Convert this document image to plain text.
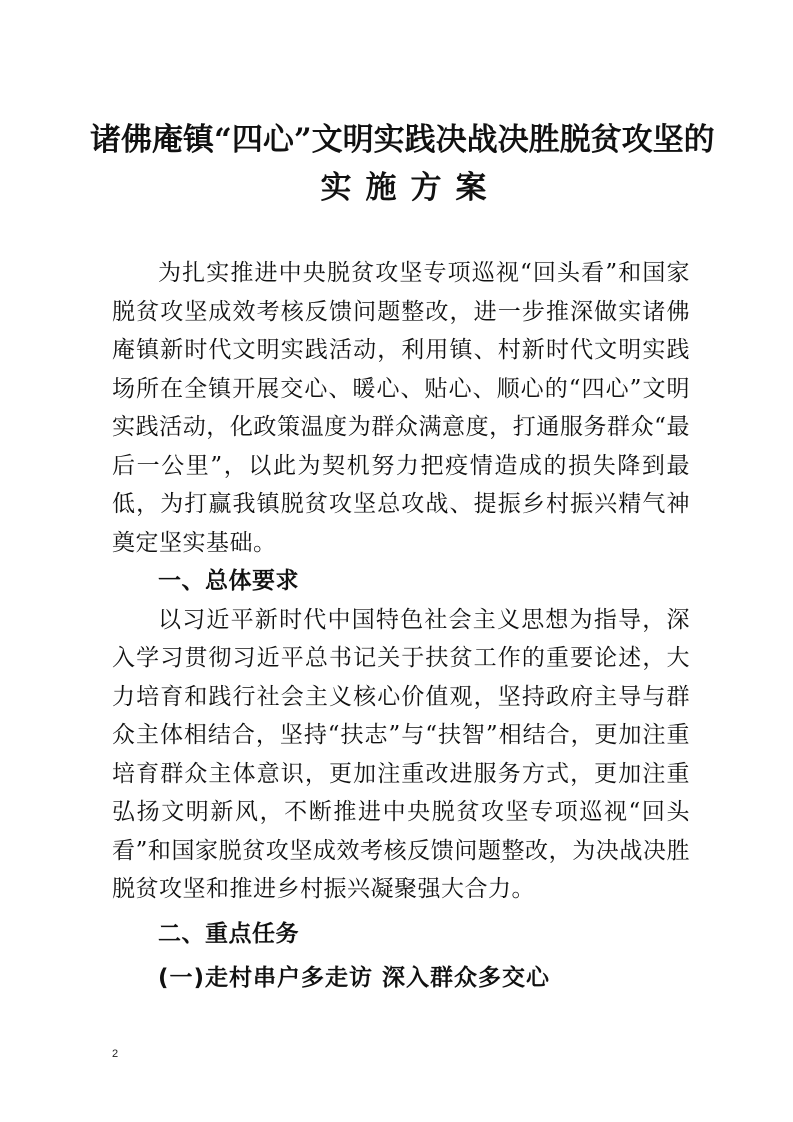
诸佛庵镇“四心”文明实践决战决胜脱贫攻坚的
实施方案

为扎实推进中央脱贫攻坚专项巡视“回头看”和国家脱贫攻坚成效考核反馈问题整改，进一步推深做实诸佛庵镇新时代文明实践活动，利用镇、村新时代文明实践场所在全镇开展交心、暖心、贴心、顺心的“四心”文明实践活动，化政策温度为群众满意度，打通服务群众“最后一公里”，以此为契机努力把疫情造成的损失降到最低，为打赢我镇脱贫攻坚总攻战、提振乡村振兴精气神奠定坚实基础。

一、总体要求

以习近平新时代中国特色社会主义思想为指导，深入学习贯彻习近平总书记关于扶贫工作的重要论述，大力培育和践行社会主义核心价值观，坚持政府主导与群众主体相结合，坚持“扶志”与“扶智”相结合，更加注重培育群众主体意识，更加注重改进服务方式，更加注重弘扬文明新风，不断推进中央脱贫攻坚专项巡视“回头看”和国家脱贫攻坚成效考核反馈问题整改，为决战决胜脱贫攻坚和推进乡村振兴凝聚强大合力。

二、重点任务

(一)走村串户多走访 深入群众多交心

2
